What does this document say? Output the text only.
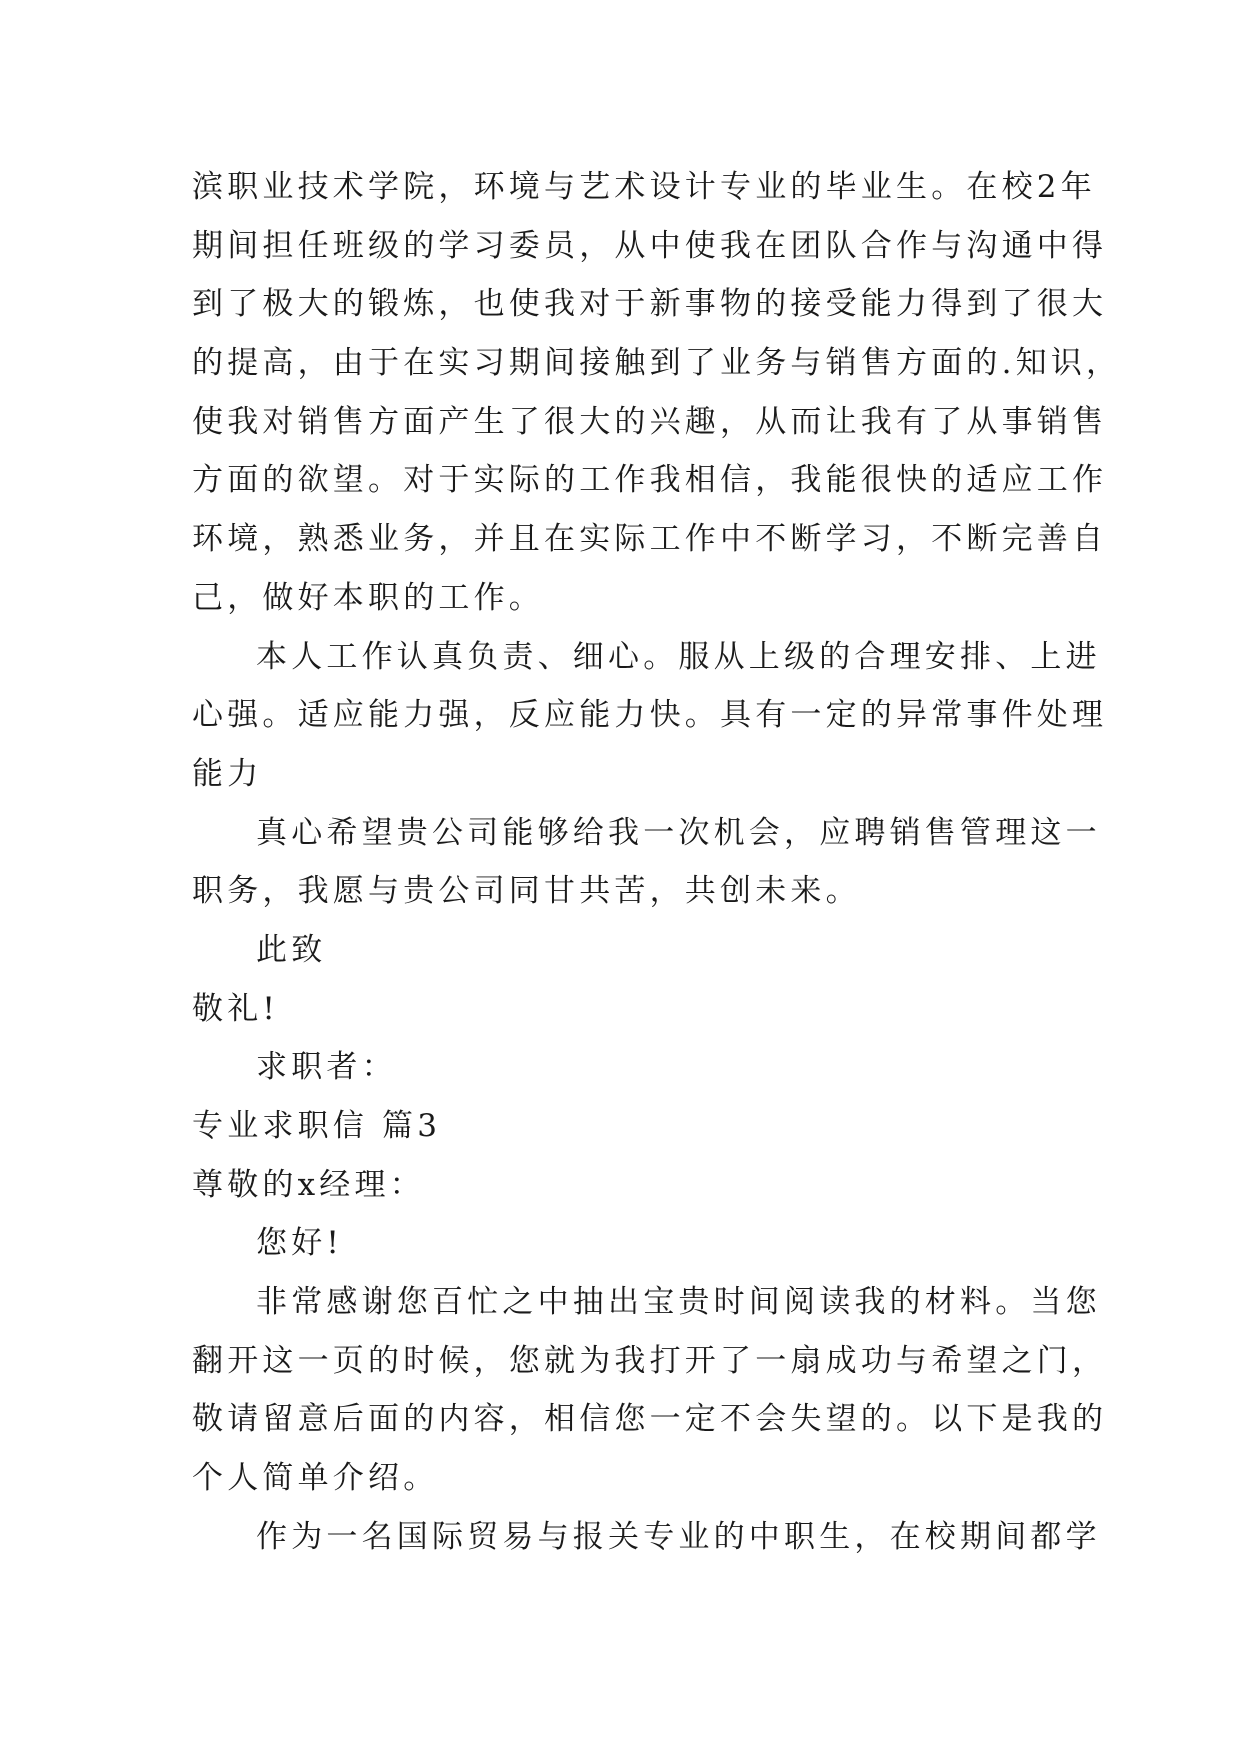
滨职业技术学院，环境与艺术设计专业的毕业生。在校2年
期间担任班级的学习委员，从中使我在团队合作与沟通中得
到了极大的锻炼，也使我对于新事物的接受能力得到了很大
的提高，由于在实习期间接触到了业务与销售方面的.知识，
使我对销售方面产生了很大的兴趣，从而让我有了从事销售
方面的欲望。对于实际的工作我相信，我能很快的适应工作
环境，熟悉业务，并且在实际工作中不断学习，不断完善自
己，做好本职的工作。
本人工作认真负责、细心。服从上级的合理安排、上进
心强。适应能力强，反应能力快。具有一定的异常事件处理
能力
真心希望贵公司能够给我一次机会，应聘销售管理这一
职务，我愿与贵公司同甘共苦，共创未来。
此致
敬礼!
求职者：
专业求职信 篇3
尊敬的x经理：
您好!
非常感谢您百忙之中抽出宝贵时间阅读我的材料。当您
翻开这一页的时候，您就为我打开了一扇成功与希望之门，
敬请留意后面的内容，相信您一定不会失望的。以下是我的
个人简单介绍。
作为一名国际贸易与报关专业的中职生，在校期间都学
